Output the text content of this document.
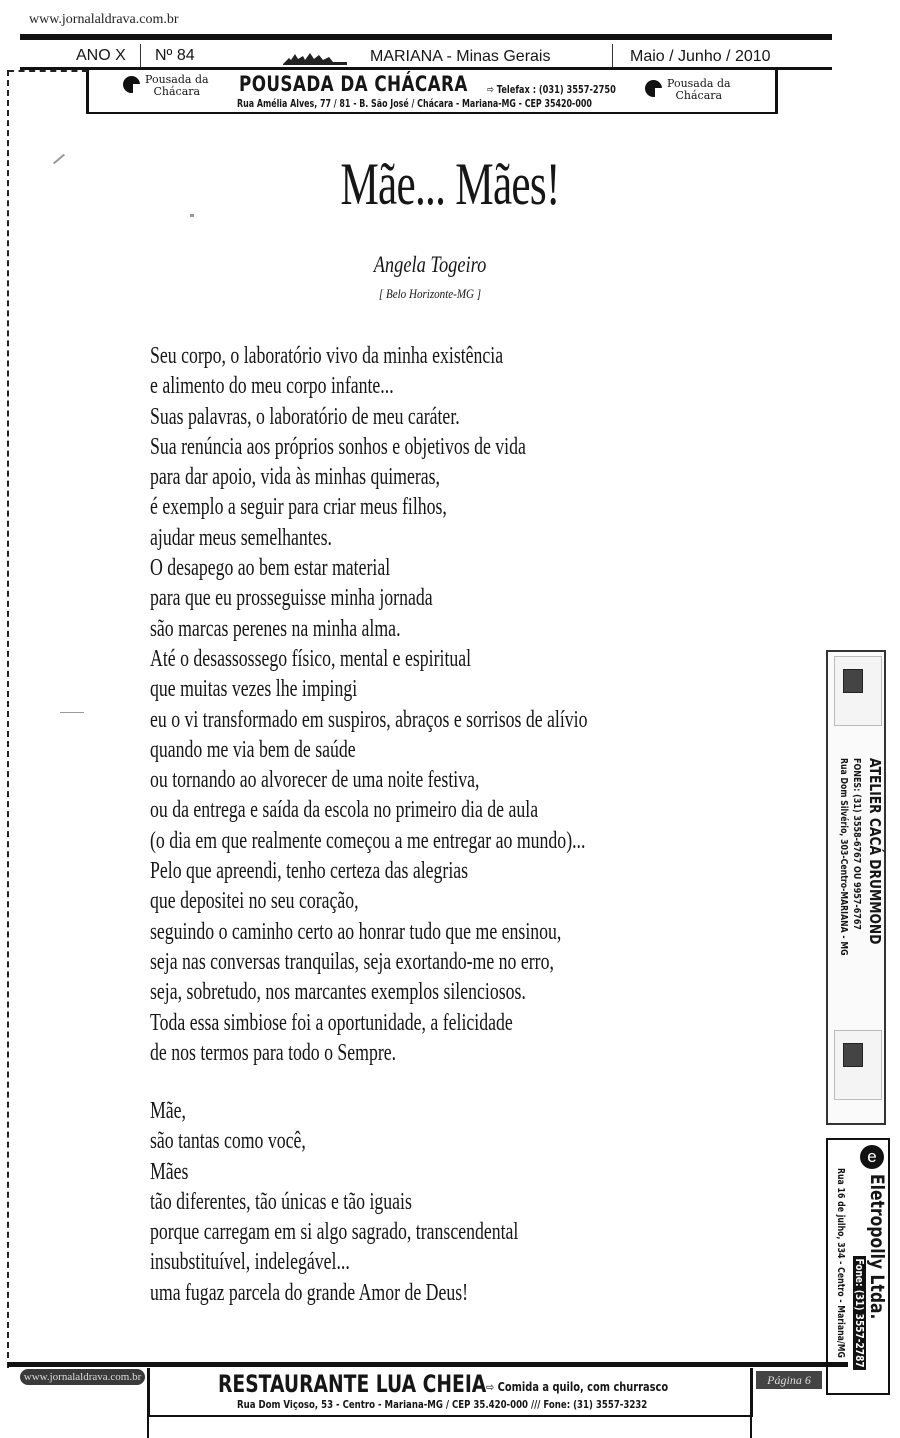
www.jornalaldrava.com.br
ANO X Nº 84	MARIANA - Minas Gerais	Maio / Junho / 2010
Pousada da
Chácara	POUSADA DA CHÁCARA ⇨ Telefax : (031) 3557-2750
Rua Amélia Alves, 77 / 81 - B. São José / Chácara - Mariana-MG - CEP 35420-000
Pousada da
Chácara
Mãe... Mães!
Angela Togeiro
[ Belo Horizonte-MG ]
Seu corpo, o laboratório vivo da minha existência
e alimento do meu corpo infante...
Suas palavras, o laboratório de meu caráter.
Sua renúncia aos próprios sonhos e objetivos de vida
para dar apoio, vida às minhas quimeras,
é exemplo a seguir para criar meus filhos,
ajudar meus semelhantes.
O desapego ao bem estar material
para que eu prosseguisse minha jornada
são marcas perenes na minha alma.
Até o desassossego físico, mental e espiritual
que muitas vezes lhe impingi
eu o vi transformado em suspiros, abraços e sorrisos de alívio
quando me via bem de saúde
ou tornando ao alvorecer de uma noite festiva,
ou da entrega e saída da escola no primeiro dia de aula
(o dia em que realmente começou a me entregar ao mundo)...
Pelo que apreendi, tenho certeza das alegrias
que depositei no seu coração,
seguindo o caminho certo ao honrar tudo que me ensinou,
seja nas conversas tranquilas, seja exortando-me no erro,
seja, sobretudo, nos marcantes exemplos silenciosos.
Toda essa simbiose foi a oportunidade, a felicidade
de nos termos para todo o Sempre.
Mãe,
são tantas como você,
Mães
tão diferentes, tão únicas e tão iguais
porque carregam em si algo sagrado, transcendental
insubstituível, indelegável...
uma fugaz parcela do grande Amor de Deus!
ATELIER CACÁ DRUMMOND
FONES: (31) 3558-6767 OU 9957-6767
Rua Dom Silvério, 303-Centro-MARIANA - MG
e
Eletropolly Ltda.
Fone: (31) 3557-2787
Rua 16 de julho, 334 - Centro - Mariana/MG
www.jornalaldrava.com.br	RESTAURANTE LUA CHEIA ⇨ Comida a quilo, com churrasco
Rua Dom Viçoso, 53 - Centro - Mariana-MG / CEP 35.420-000 /// Fone: (31) 3557-3232
Página 6
